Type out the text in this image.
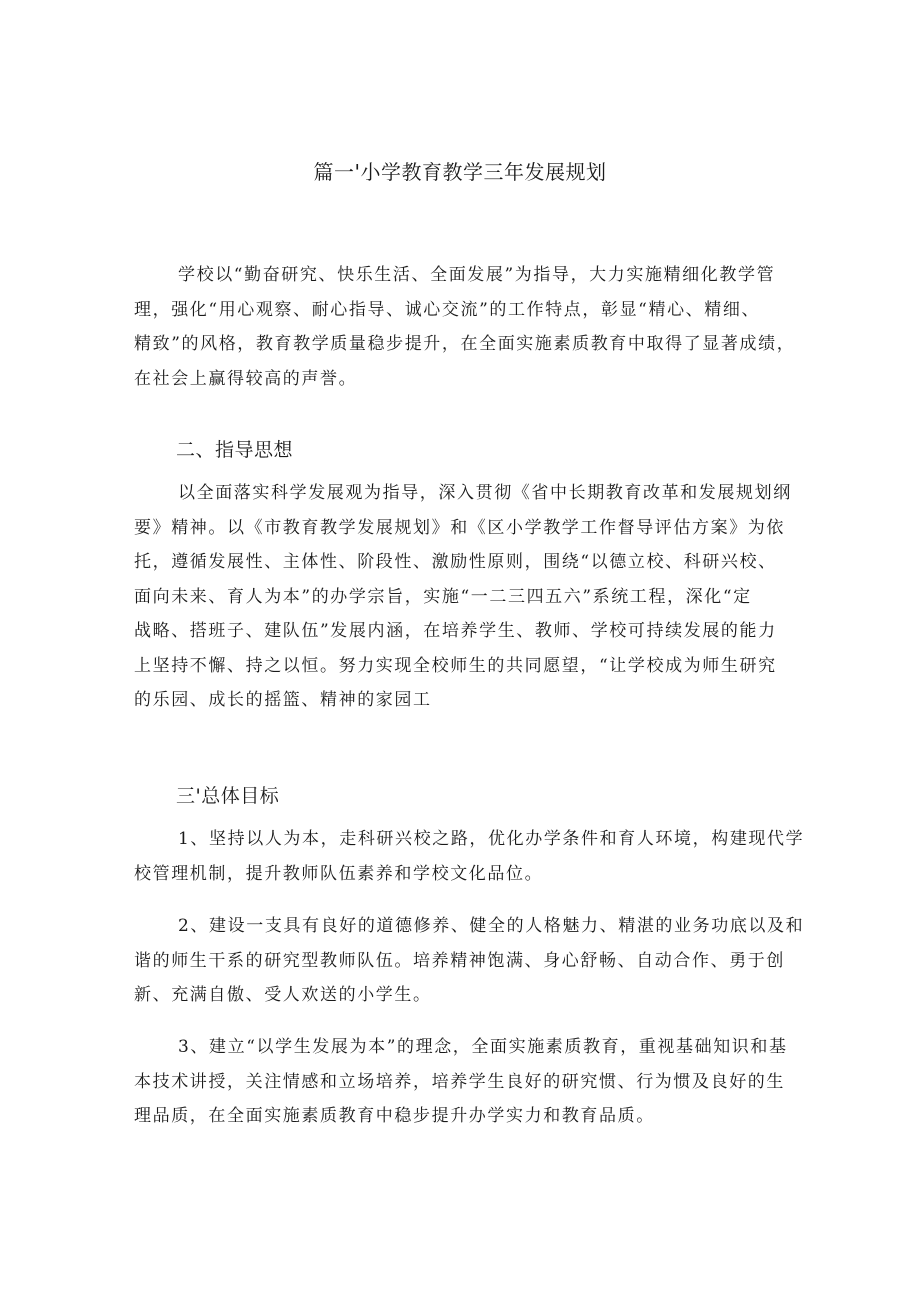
篇一'小学教育教学三年发展规划

学校以“勤奋研究、快乐生活、全面发展”为指导，大力实施精细化教学管
理，强化“用心观察、耐心指导、诚心交流”的工作特点，彰显“精心、精细、
精致”的风格，教育教学质量稳步提升，在全面实施素质教育中取得了显著成绩，
在社会上赢得较高的声誉。

二、指导思想

以全面落实科学发展观为指导，深入贯彻《省中长期教育改革和发展规划纲
要》精神。以《市教育教学发展规划》和《区小学教学工作督导评估方案》为依
托，遵循发展性、主体性、阶段性、激励性原则，围绕“以德立校、科研兴校、
面向未来、育人为本”的办学宗旨，实施“一二三四五六”系统工程，深化“定
战略、搭班子、建队伍”发展内涵，在培养学生、教师、学校可持续发展的能力
上坚持不懈、持之以恒。努力实现全校师生的共同愿望，“让学校成为师生研究
的乐园、成长的摇篮、精神的家园工

三'总体目标

1、坚持以人为本，走科研兴校之路，优化办学条件和育人环境，构建现代学
校管理机制，提升教师队伍素养和学校文化品位。

2、建设一支具有良好的道德修养、健全的人格魅力、精湛的业务功底以及和
谐的师生干系的研究型教师队伍。培养精神饱满、身心舒畅、自动合作、勇于创
新、充满自傲、受人欢送的小学生。

3、建立“以学生发展为本”的理念，全面实施素质教育，重视基础知识和基
本技术讲授，关注情感和立场培养，培养学生良好的研究惯、行为惯及良好的生
理品质，在全面实施素质教育中稳步提升办学实力和教育品质。
